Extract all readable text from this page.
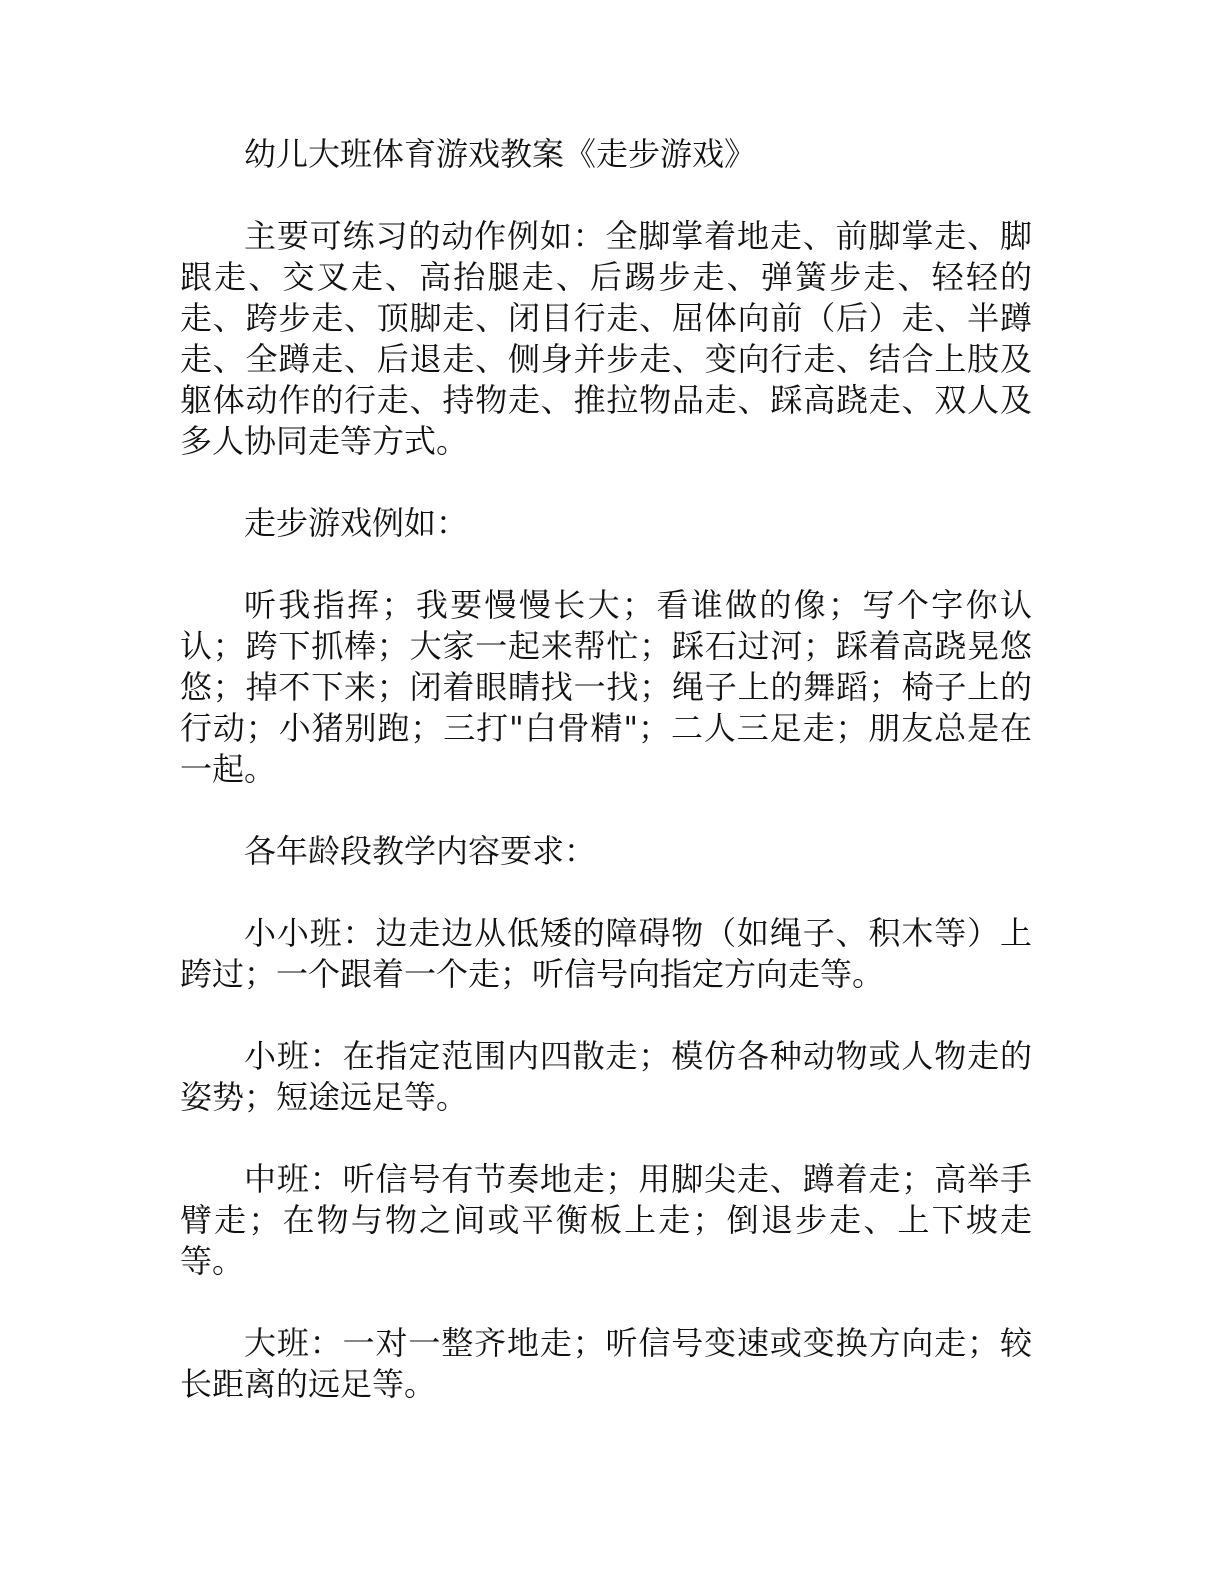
幼儿大班体育游戏教案《走步游戏》

主要可练习的动作例如：全脚掌着地走、前脚掌走、脚跟走、交叉走、高抬腿走、后踢步走、弹簧步走、轻轻的走、跨步走、顶脚走、闭目行走、屈体向前（后）走、半蹲走、全蹲走、后退走、侧身并步走、变向行走、结合上肢及躯体动作的行走、持物走、推拉物品走、踩高跷走、双人及多人协同走等方式。

走步游戏例如：

听我指挥；我要慢慢长大；看谁做的像；写个字你认认；跨下抓棒；大家一起来帮忙；踩石过河；踩着高跷晃悠悠；掉不下来；闭着眼睛找一找；绳子上的舞蹈；椅子上的行动；小猪别跑；三打"白骨精"；二人三足走；朋友总是在一起。

各年龄段教学内容要求：

小小班：边走边从低矮的障碍物（如绳子、积木等）上跨过；一个跟着一个走；听信号向指定方向走等。

小班：在指定范围内四散走；模仿各种动物或人物走的姿势；短途远足等。

中班：听信号有节奏地走；用脚尖走、蹲着走；高举手臂走；在物与物之间或平衡板上走；倒退步走、上下坡走等。

大班：一对一整齐地走；听信号变速或变换方向走；较长距离的远足等。
